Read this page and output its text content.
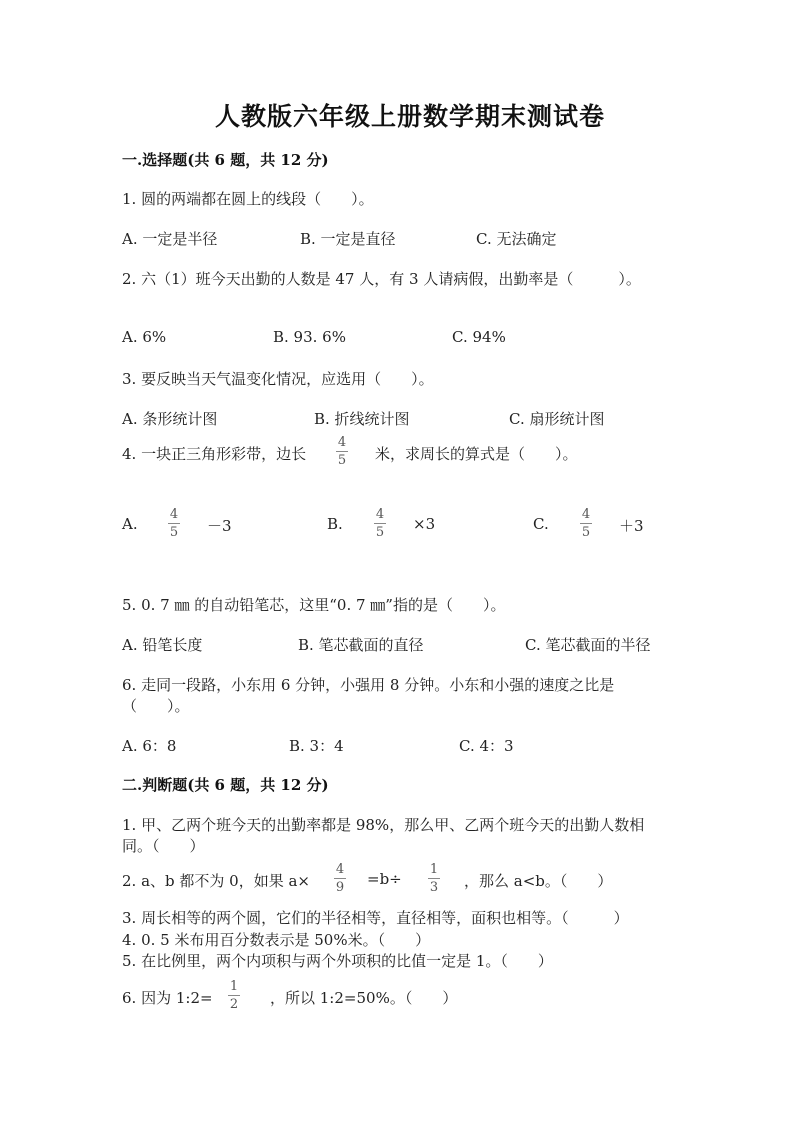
人教版六年级上册数学期末测试卷
一.选择题(共 6 题，共 12 分)
1. 圆的两端都在圆上的线段（　　）。
A. 一定是半径	B. 一定是直径	C. 无法确定
2. 六（1）班今天出勤的人数是 47 人，有 3 人请病假，出勤率是（　　　）。
A. 6%	B. 93. 6%	C. 94%
3. 要反映当天气温变化情况，应选用（　　）。
A. 条形统计图	B. 折线统计图	C. 扇形统计图
4. 一块正三角形彩带，边长
4
5 米，求周长的算式是（　　）。
A.
4
5 －3	B.
4
5 ×3	C.
4
5 ＋3
5. 0. 7 ㎜ 的自动铅笔芯，这里“0. 7 ㎜”指的是（　　）。
A. 铅笔长度	B. 笔芯截面的直径	C. 笔芯截面的半径
6. 走同一段路，小东用 6 分钟，小强用 8 分钟。小东和小强的速度之比是
（　　）。
A. 6：8	B. 3：4	C. 4：3
二.判断题(共 6 题，共 12 分)
1. 甲、乙两个班今天的出勤率都是 98%，那么甲、乙两个班今天的出勤人数相
同。（　　）
2. a、b 都不为 0，如果 a×
4
9 =b÷
1
3 ，那么 a<b。（　　）
3. 周长相等的两个圆，它们的半径相等，直径相等，面积也相等。（　　　）
4. 0. 5 米布用百分数表示是 50%米。（　　）
5. 在比例里，两个内项积与两个外项积的比值一定是 1。（　　）
6. 因为 1:2=
1
2 ，所以 1:2=50%。（　　）
